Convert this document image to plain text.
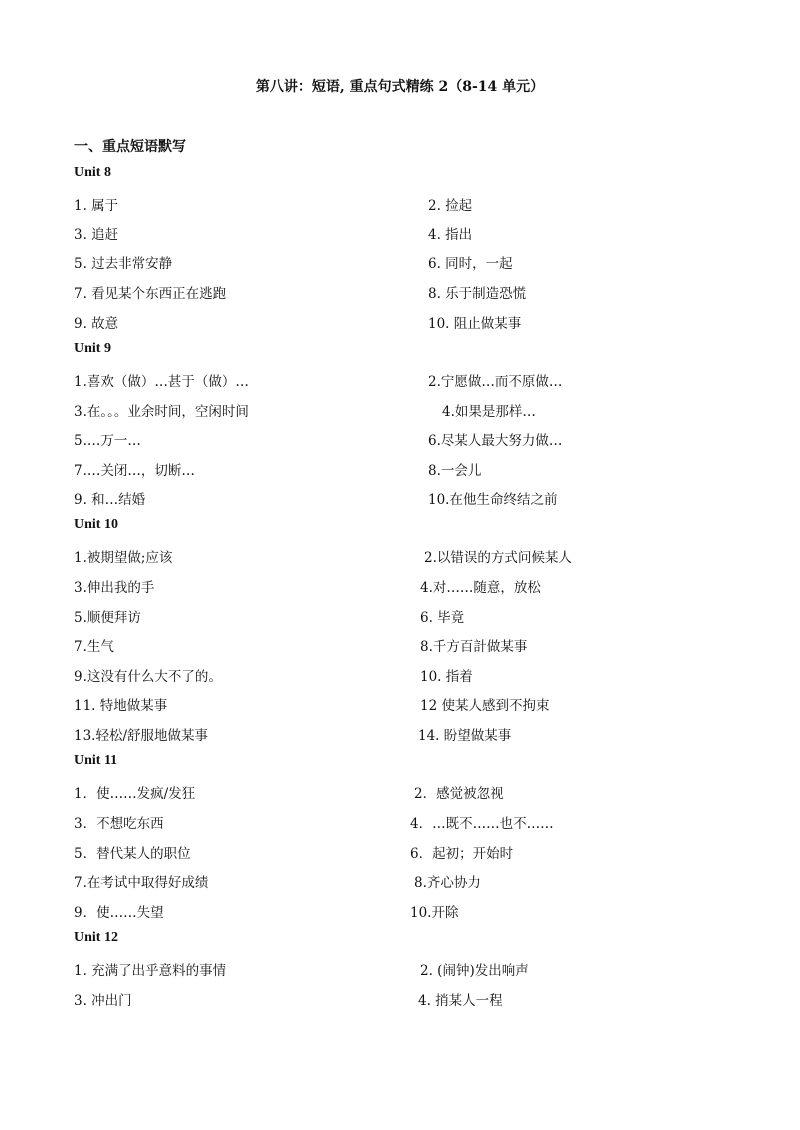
第八讲：短语, 重点句式精练 2（8-14 单元）
一、重点短语默写
Unit 8
1. 属于	2. 捡起
3. 追赶	4. 指出
5. 过去非常安静	6. 同时，一起
7. 看见某个东西正在逃跑	8. 乐于制造恐慌
9. 故意	10. 阻止做某事
Unit 9
1.喜欢（做）…甚于（做）…	2.宁愿做…而不原做…
3.在。。。业余时间，空闲时间	4.如果是那样…
5.…万一…	6.尽某人最大努力做…
7.…关闭…，切断…	8.一会儿
9. 和…结婚	10.在他生命终结之前
Unit 10
1.被期望做;应该	2.以错误的方式问候某人
3.伸出我的手	4.对……随意，放松
5.顺便拜访	6. 毕竟
7.生气	8.千方百計做某事
9.这没有什么大不了的。	10. 指着
11. 特地做某事	12 使某人感到不拘束
13.轻松/舒服地做某事	14. 盼望做某事
Unit 11
1．使……发疯/发狂	2．感觉被忽视
3．不想吃东西	4．…既不……也不……
5．替代某人的职位	6．起初；开始时
7.在考试中取得好成绩	8.齐心协力
9．使……失望	10.开除
Unit 12
1. 充满了出乎意料的事情	2. (闹钟)发出响声
3. 冲出门	4. 捎某人一程
